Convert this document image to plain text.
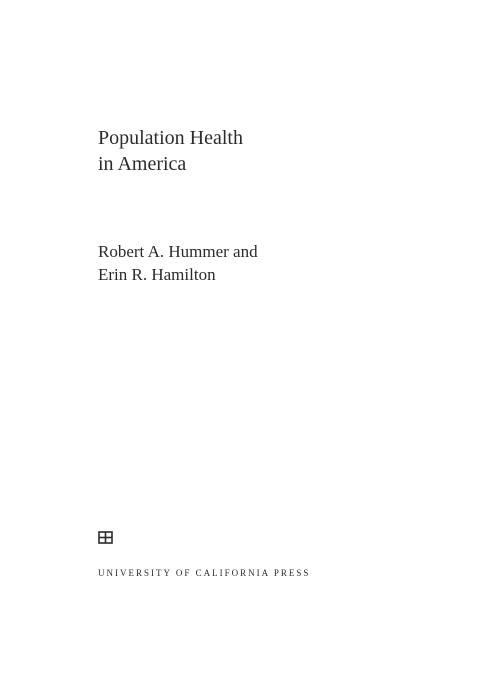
Population Health
in America
Robert A. Hummer and
Erin R. Hamilton
UNIVERSITY OF CALIFORNIA PRESS
